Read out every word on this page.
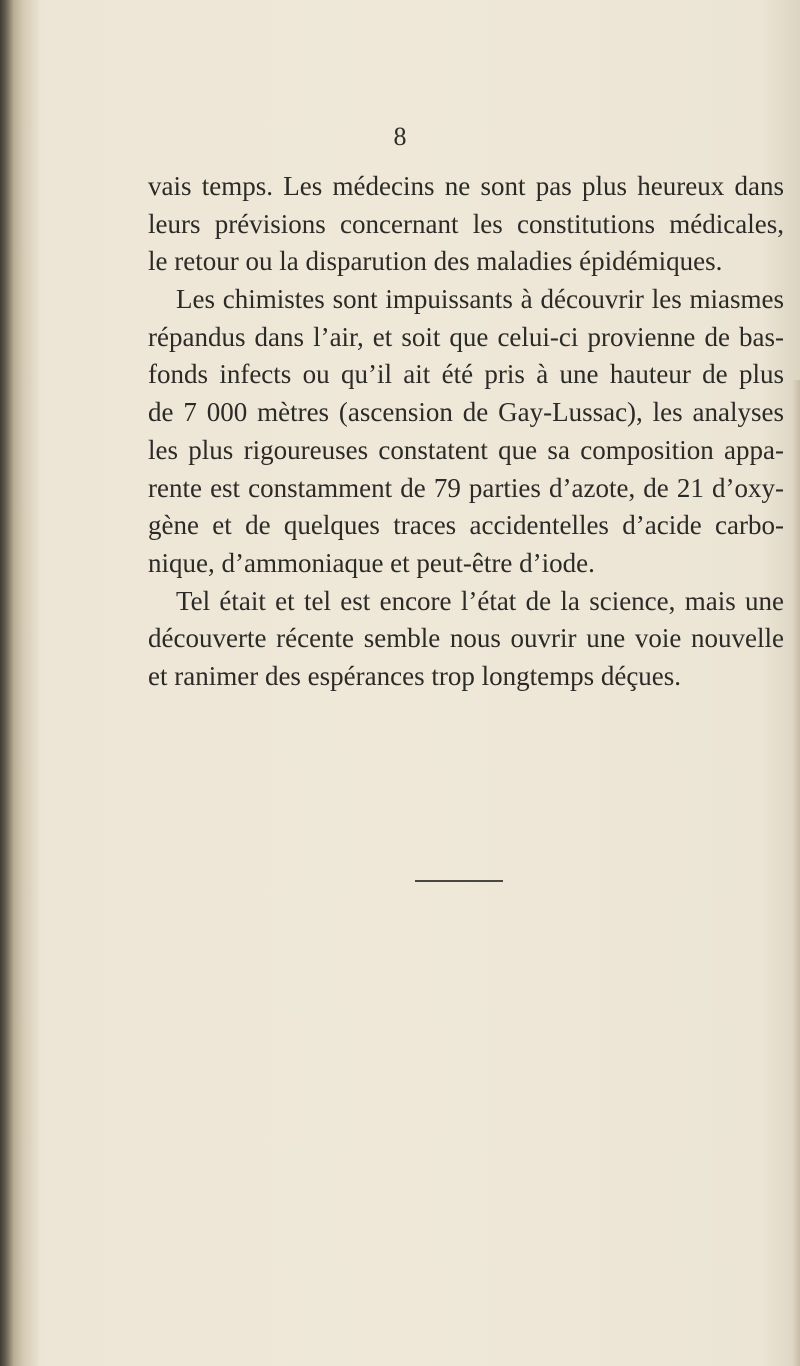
8
vais temps. Les médecins ne sont pas plus heureux dans
leurs prévisions concernant les constitutions médicales,
le retour ou la disparution des maladies épidémiques.
Les chimistes sont impuissants à découvrir les miasmes
répandus dans l’air, et soit que celui-ci provienne de bas-
fonds infects ou qu’il ait été pris à une hauteur de plus
de 7 000 mètres (ascension de Gay-Lussac), les analyses
les plus rigoureuses constatent que sa composition appa-
rente est constamment de 79 parties d’azote, de 21 d’oxy-
gène et de quelques traces accidentelles d’acide carbo-
nique, d’ammoniaque et peut-être d’iode.
Tel était et tel est encore l’état de la science, mais une
découverte récente semble nous ouvrir une voie nouvelle
et ranimer des espérances trop longtemps déçues.
